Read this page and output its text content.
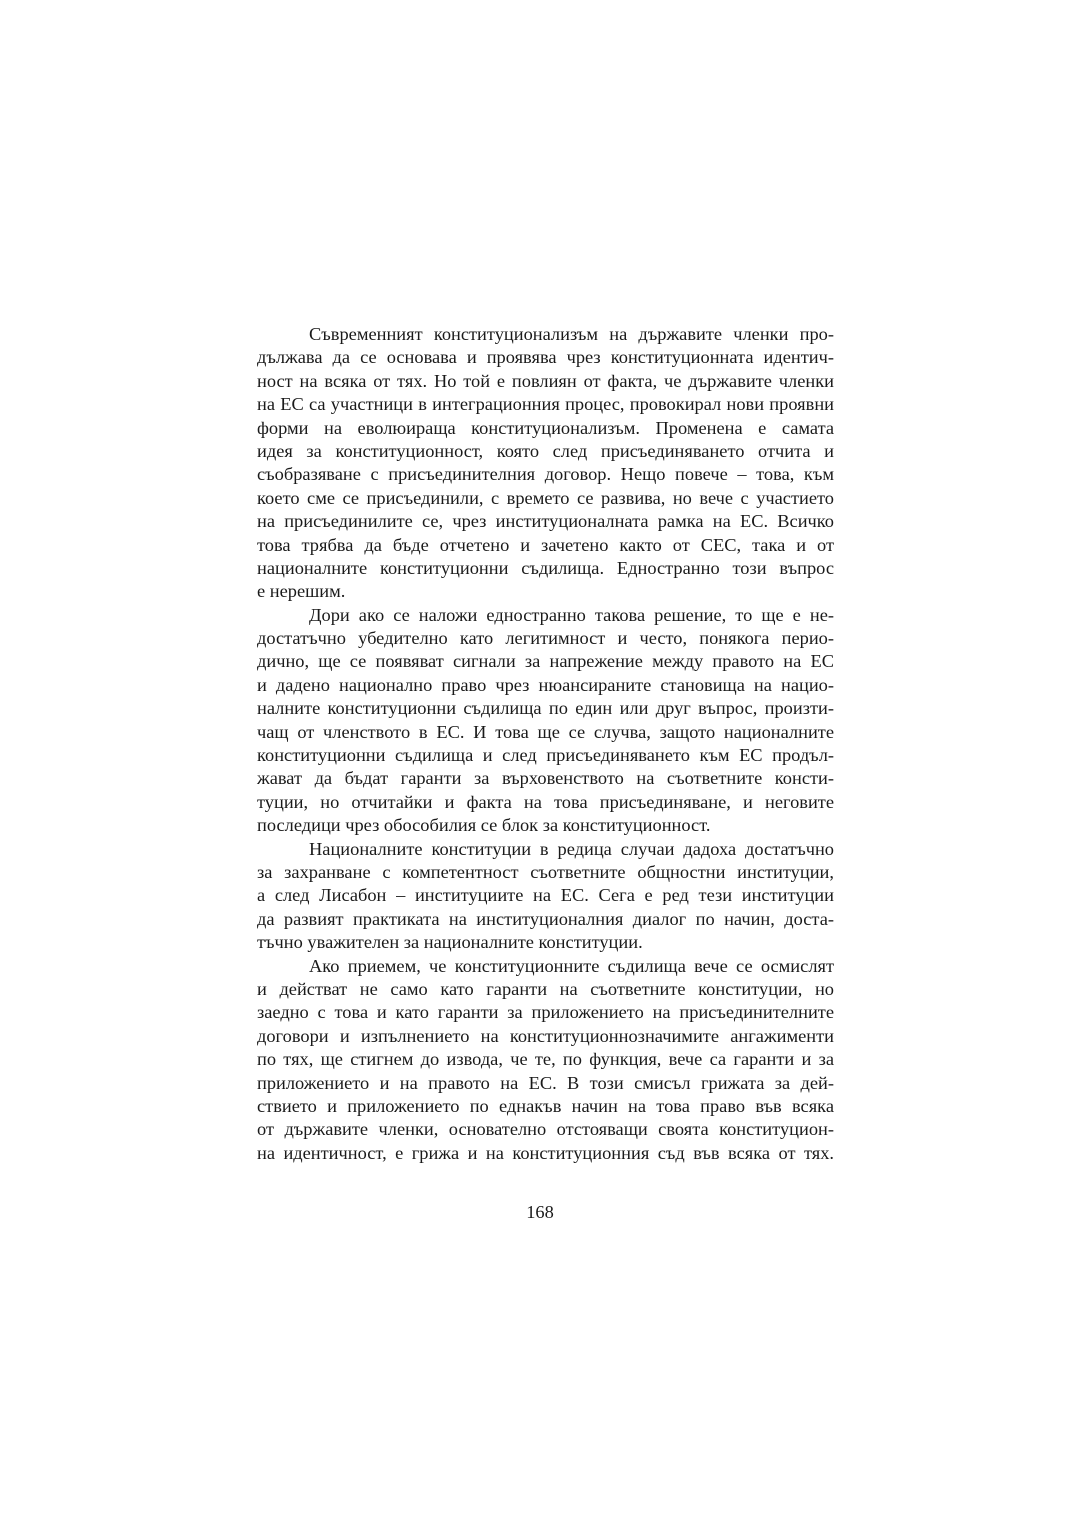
Съвременният конституционализъм на държавите членки про-
дължава да се основава и проявява чрез конституционната идентич-
ност на всяка от тях. Но той е повлиян от факта, че държавите членки
на ЕС са участници в интеграционния процес, провокирал нови проявни
форми на еволюираща конституционализъм. Променена е самата
идея за конституционност, която след присъединяването отчита и
съобразяване с присъединителния договор. Нещо повече – това, към
което сме се присъединили, с времето се развива, но вече с участието
на присъединилите се, чрез институционалната рамка на ЕС. Всичко
това трябва да бъде отчетено и зачетено както от СЕС, така и от
националните конституционни съдилища. Едностранно този въпрос
е нерешим.
Дори ако се наложи едностранно такова решение, то ще е не-
достатъчно убедително като легитимност и често, понякога перио-
дично, ще се появяват сигнали за напрежение между правото на ЕС
и дадено национално право чрез нюансираните становища на нацио-
налните конституционни съдилища по един или друг въпрос, произти-
чащ от членството в ЕС. И това ще се случва, защото националните
конституционни съдилища и след присъединяването към ЕС продъл-
жават да бъдат гаранти за върховенството на съответните консти-
туции, но отчитайки и факта на това присъединяване, и неговите
последици чрез обособилия се блок за конституционност.
Националните конституции в редица случаи дадоха достатъчно
за захранване с компетентност съответните общностни институции,
а след Лисабон – институциите на ЕС. Сега е ред тези институции
да развият практиката на институционалния диалог по начин, доста-
тъчно уважителен за националните конституции.
Ако приемем, че конституционните съдилища вече се осмислят
и действат не само като гаранти на съответните конституции, но
заедно с това и като гаранти за приложението на присъединителните
договори и изпълнението на конституционнозначимите ангажименти
по тях, ще стигнем до извода, че те, по функция, вече са гаранти и за
приложението и на правото на ЕС. В този смисъл грижата за дей-
ствието и приложението по еднакъв начин на това право във всяка
от държавите членки, основателно отстояващи своята конституцион-
на идентичност, е грижа и на конституционния съд във всяка от тях.
168
